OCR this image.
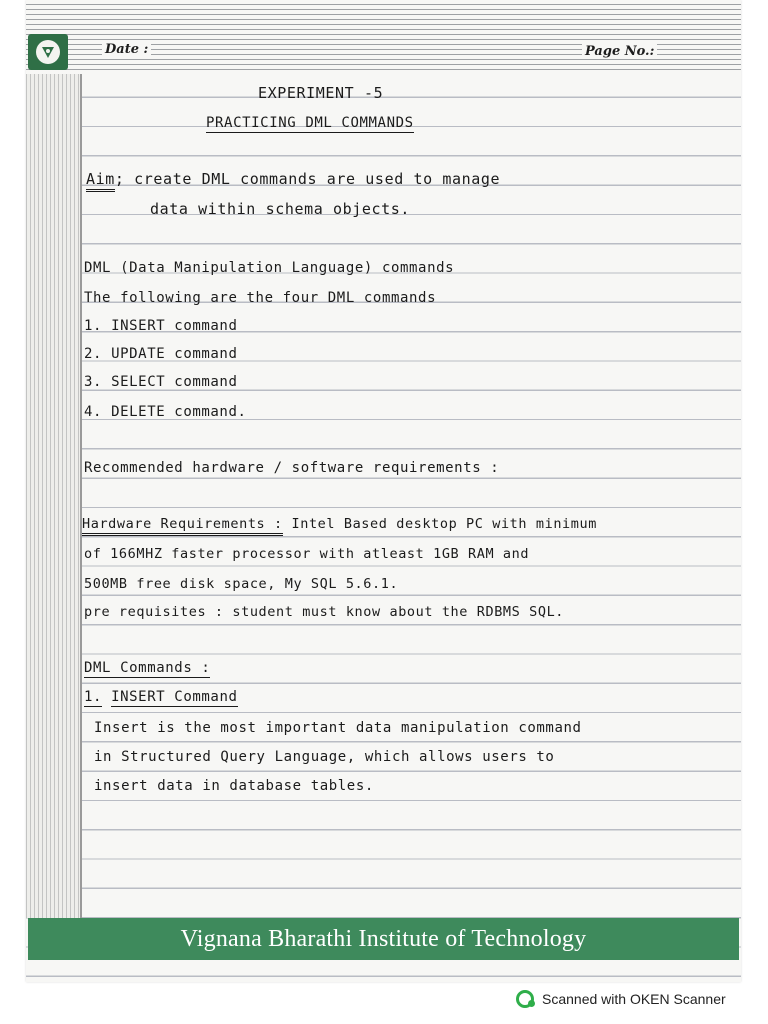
Date :	Page No.:
EXPERIMENT -5
PRACTICING DML COMMANDS
Aim; create DML commands are used to manage
data within schema objects.
DML (Data Manipulation Language) commands
The following are the four DML commands
1. INSERT command
2. UPDATE command
3. SELECT command
4. DELETE command.
Recommended hardware / software requirements :
Hardware Requirements : Intel Based desktop PC with minimum
of 166MHZ faster processor with atleast 1GB RAM and
500MB free disk space, My SQL 5.6.1.
pre requisites : student must know about the RDBMS SQL.
DML Commands :
1. INSERT Command
Insert is the most important data manipulation command
in Structured Query Language, which allows users to
insert data in database tables.
Vignana Bharathi Institute of Technology
Scanned with OKEN Scanner
